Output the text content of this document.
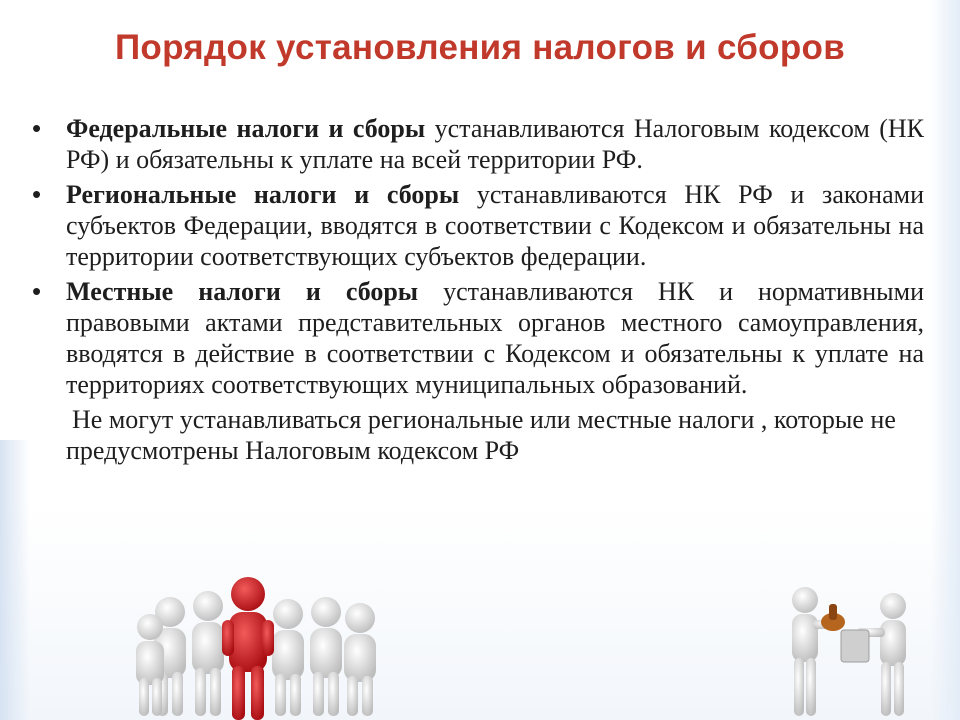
Порядок установления налогов и сборов
• Федеральные налоги и сборы устанавливаются Налоговым кодексом (НК РФ) и обязательны к уплате на всей территории РФ.
• Региональные налоги и сборы устанавливаются НК РФ и законами субъектов Федерации, вводятся в соответствии с Кодексом и обязательны на территории соответствующих субъектов федерации.
• Местные налоги и сборы устанавливаются НК и нормативными правовыми актами представительных органов местного самоуправления, вводятся в действие в соответствии с Кодексом и обязательны к уплате на территориях соответствующих муниципальных образований.
Не могут устанавливаться региональные или местные налоги , которые не предусмотрены Налоговым кодексом РФ
